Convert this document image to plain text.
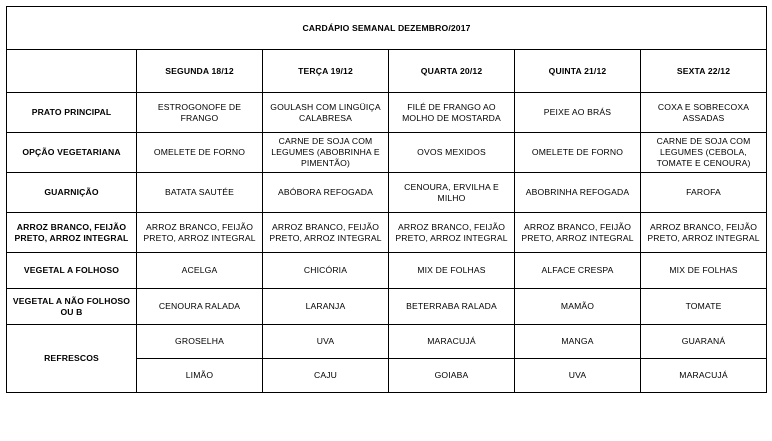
CARDÁPIO SEMANAL DEZEMBRO/2017					
	SEGUNDA 18/12	TERÇA 19/12	QUARTA 20/12	QUINTA 21/12	SEXTA 22/12
PRATO PRINCIPAL	ESTROGONOFE DE FRANGO	GOULASH COM LINGÜIÇA CALABRESA	FILÉ DE FRANGO AO MOLHO DE MOSTARDA	PEIXE AO BRÁS	COXA E SOBRECOXA ASSADAS
OPÇÃO VEGETARIANA	OMELETE DE FORNO	CARNE DE SOJA COM LEGUMES (ABOBRINHA E PIMENTÃO)	OVOS MEXIDOS	OMELETE DE FORNO	CARNE DE SOJA COM LEGUMES (CEBOLA, TOMATE E CENOURA)
GUARNIÇÃO	BATATA SAUTÉE	ABÓBORA REFOGADA	CENOURA, ERVILHA E MILHO	ABOBRINHA REFOGADA	FAROFA
ARROZ BRANCO, FEIJÃO PRETO, ARROZ INTEGRAL	ARROZ BRANCO, FEIJÃO PRETO, ARROZ INTEGRAL	ARROZ BRANCO, FEIJÃO PRETO, ARROZ INTEGRAL	ARROZ BRANCO, FEIJÃO PRETO, ARROZ INTEGRAL	ARROZ BRANCO, FEIJÃO PRETO, ARROZ INTEGRAL	ARROZ BRANCO, FEIJÃO PRETO, ARROZ INTEGRAL
VEGETAL A FOLHOSO	ACELGA	CHICÓRIA	MIX DE FOLHAS	ALFACE CRESPA	MIX DE FOLHAS
VEGETAL A NÃO FOLHOSO OU B	CENOURA RALADA	LARANJA	BETERRABA RALADA	MAMÃO	TOMATE
REFRESCOS	GROSELHA	UVA	MARACUJÁ	MANGA	GUARANÁ
	LIMÃO	CAJU	GOIABA	UVA	MARACUJÁ
